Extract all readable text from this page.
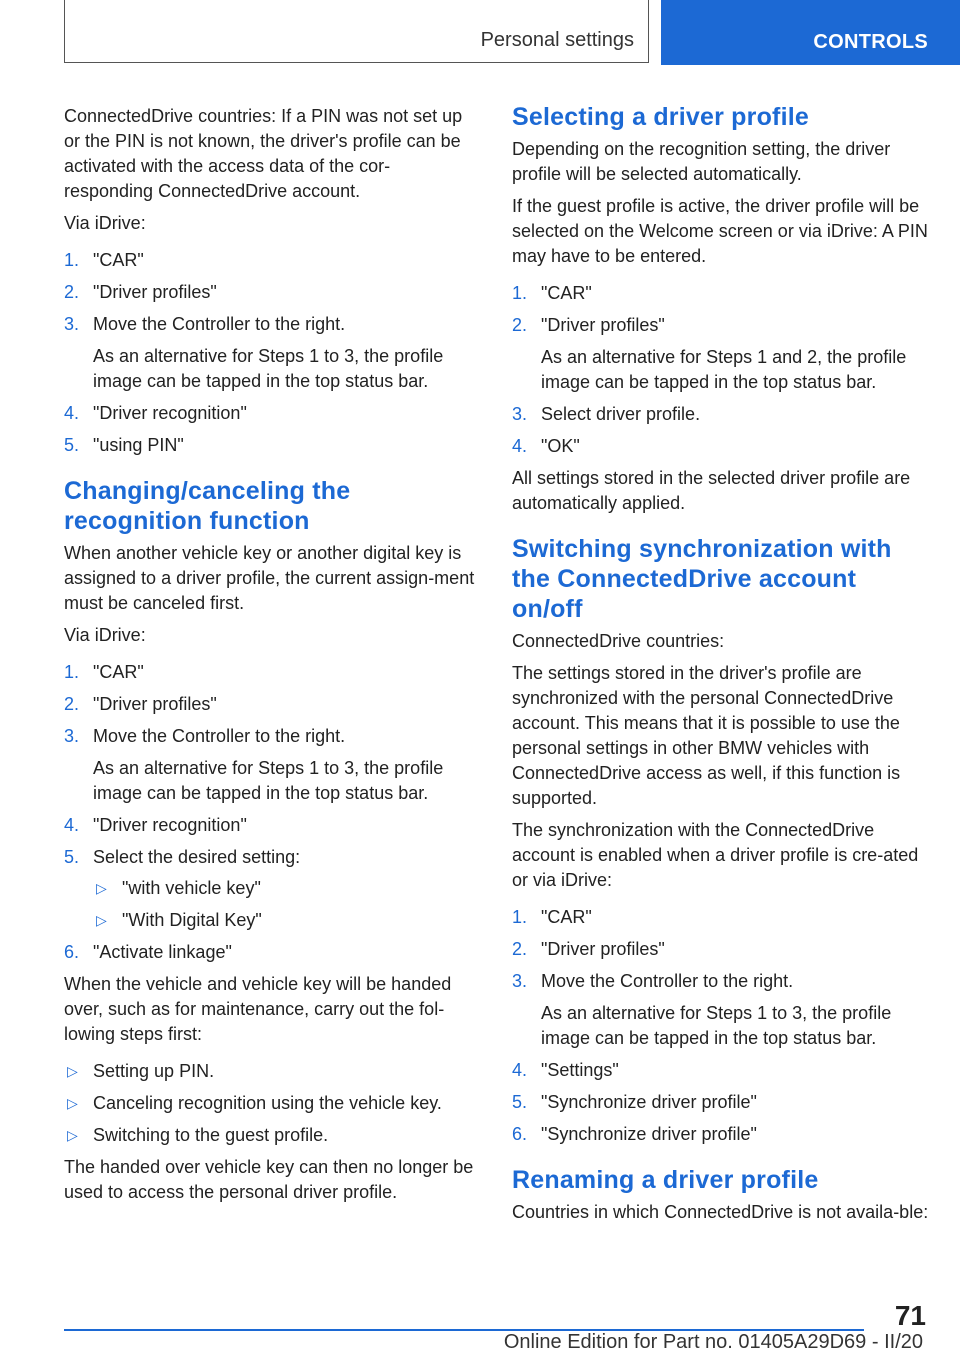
Personal settings	CONTROLS

ConnectedDrive countries: If a PIN was not set up or the PIN is not known, the driver's profile can be activated with the access data of the cor‐responding ConnectedDrive account.

Via iDrive:

1. "CAR"
2. "Driver profiles"
3. Move the Controller to the right.
As an alternative for Steps 1 to 3, the profile image can be tapped in the top status bar.
4. "Driver recognition"
5. "using PIN"
Changing/canceling the recognition function

When another vehicle key or another digital key is assigned to a driver profile, the current assign‐ment must be canceled first.

Via iDrive:

1. "CAR"
2. "Driver profiles"
3. Move the Controller to the right.
As an alternative for Steps 1 to 3, the profile image can be tapped in the top status bar.
4. "Driver recognition"
5. Select the desired setting:
▷ "with vehicle key"
▷ "With Digital Key"
6. "Activate linkage"

When the vehicle and vehicle key will be handed over, such as for maintenance, carry out the fol‐lowing steps first:

▷ Setting up PIN.
▷ Canceling recognition using the vehicle key.
▷ Switching to the guest profile.

The handed over vehicle key can then no longer be used to access the personal driver profile.

Selecting a driver profile

Depending on the recognition setting, the driver profile will be selected automatically.

If the guest profile is active, the driver profile will be selected on the Welcome screen or via iDrive: A PIN may have to be entered.

1. "CAR"
2. "Driver profiles"
As an alternative for Steps 1 and 2, the profile image can be tapped in the top status bar.
3. Select driver profile.
4. "OK"

All settings stored in the selected driver profile are automatically applied.

Switching synchronization with the ConnectedDrive account on/off

ConnectedDrive countries:

The settings stored in the driver's profile are synchronized with the personal ConnectedDrive account. This means that it is possible to use the personal settings in other BMW vehicles with ConnectedDrive access as well, if this function is supported.

The synchronization with the ConnectedDrive account is enabled when a driver profile is cre‐ated or via iDrive:

1. "CAR"
2. "Driver profiles"
3. Move the Controller to the right.
As an alternative for Steps 1 to 3, the profile image can be tapped in the top status bar.
4. "Settings"
5. "Synchronize driver profile"
6. "Synchronize driver profile"
Renaming a driver profile

Countries in which ConnectedDrive is not availa‐ble:

71
Online Edition for Part no. 01405A29D69 - II/20
